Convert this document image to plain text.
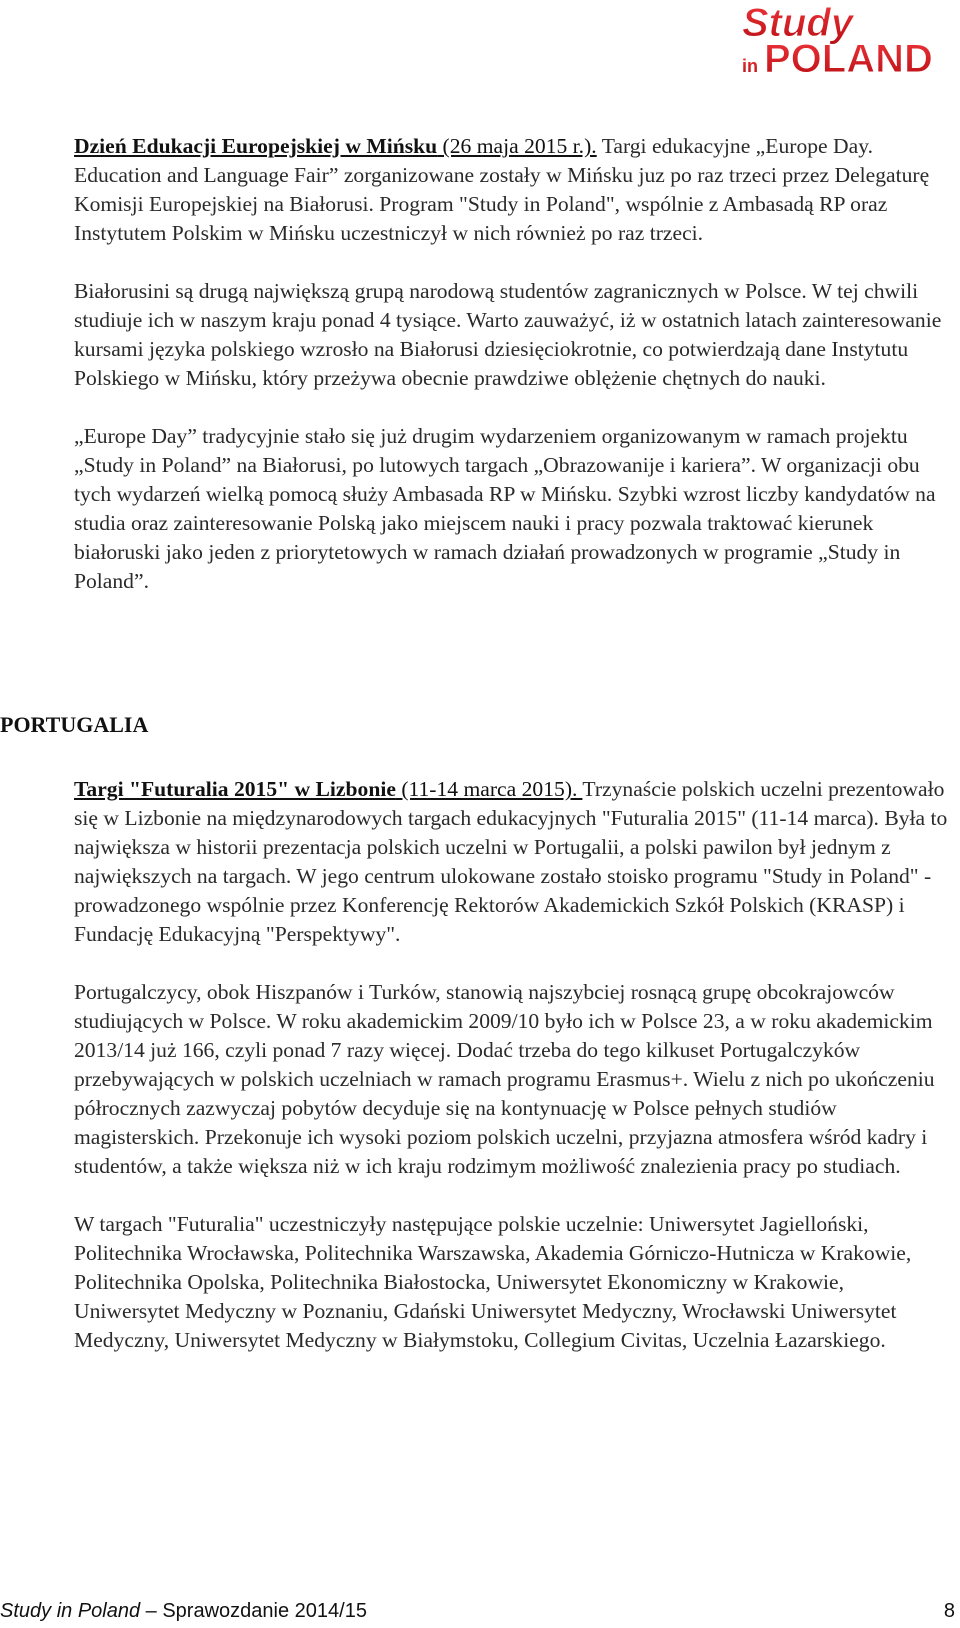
Study
in POLAND

Dzień Edukacji Europejskiej w Mińsku (26 maja 2015 r.). Targi edukacyjne „Europe Day. Education and Language Fair” zorganizowane zostały w Mińsku juz po raz trzeci przez Delegaturę Komisji Europejskiej na Białorusi. Program "Study in Poland", wspólnie z Ambasadą RP oraz Instytutem Polskim w Mińsku uczestniczył w nich również po raz trzeci.

Białorusini są drugą największą grupą narodową studentów zagranicznych w Polsce. W tej chwili studiuje ich w naszym kraju ponad 4 tysiące. Warto zauważyć, iż w ostatnich latach zainteresowanie kursami języka polskiego wzrosło na Białorusi dziesięciokrotnie, co potwierdzają dane Instytutu Polskiego w Mińsku, który przeżywa obecnie prawdziwe oblężenie chętnych do nauki.

„Europe Day” tradycyjnie stało się już drugim wydarzeniem organizowanym w ramach projektu „Study in Poland” na Białorusi, po lutowych targach „Obrazowanije i kariera”. W organizacji obu tych wydarzeń wielką pomocą służy Ambasada RP w Mińsku. Szybki wzrost liczby kandydatów na studia oraz zainteresowanie Polską jako miejscem nauki i pracy pozwala traktować kierunek białoruski jako jeden z priorytetowych w ramach działań prowadzonych w programie „Study in Poland”.

PORTUGALIA

Targi "Futuralia 2015" w Lizbonie (11-14 marca 2015). Trzynaście polskich uczelni prezentowało się w Lizbonie na międzynarodowych targach edukacyjnych "Futuralia 2015" (11-14 marca). Była to największa w historii prezentacja polskich uczelni w Portugalii, a polski pawilon był jednym z największych na targach. W jego centrum ulokowane zostało stoisko programu "Study in Poland" - prowadzonego wspólnie przez Konferencję Rektorów Akademickich Szkół Polskich (KRASP) i Fundację Edukacyjną "Perspektywy".

Portugalczycy, obok Hiszpanów i Turków, stanowią najszybciej rosnącą grupę obcokrajowców studiujących w Polsce. W roku akademickim 2009/10 było ich w Polsce 23, a w roku akademickim 2013/14 już 166, czyli ponad 7 razy więcej. Dodać trzeba do tego kilkuset Portugalczyków przebywających w polskich uczelniach w ramach programu Erasmus+. Wielu z nich po ukończeniu półrocznych zazwyczaj pobytów decyduje się na kontynuację w Polsce pełnych studiów magisterskich. Przekonuje ich wysoki poziom polskich uczelni, przyjazna atmosfera wśród kadry i studentów, a także większa niż w ich kraju rodzimym możliwość znalezienia pracy po studiach.

W targach "Futuralia" uczestniczyły następujące polskie uczelnie: Uniwersytet Jagielloński, Politechnika Wrocławska, Politechnika Warszawska, Akademia Górniczo-Hutnicza w Krakowie, Politechnika Opolska, Politechnika Białostocka, Uniwersytet Ekonomiczny w Krakowie, Uniwersytet Medyczny w Poznaniu, Gdański Uniwersytet Medyczny, Wrocławski Uniwersytet Medyczny, Uniwersytet Medyczny w Białymstoku, Collegium Civitas, Uczelnia Łazarskiego.

Study in Poland – Sprawozdanie 2014/15	8
